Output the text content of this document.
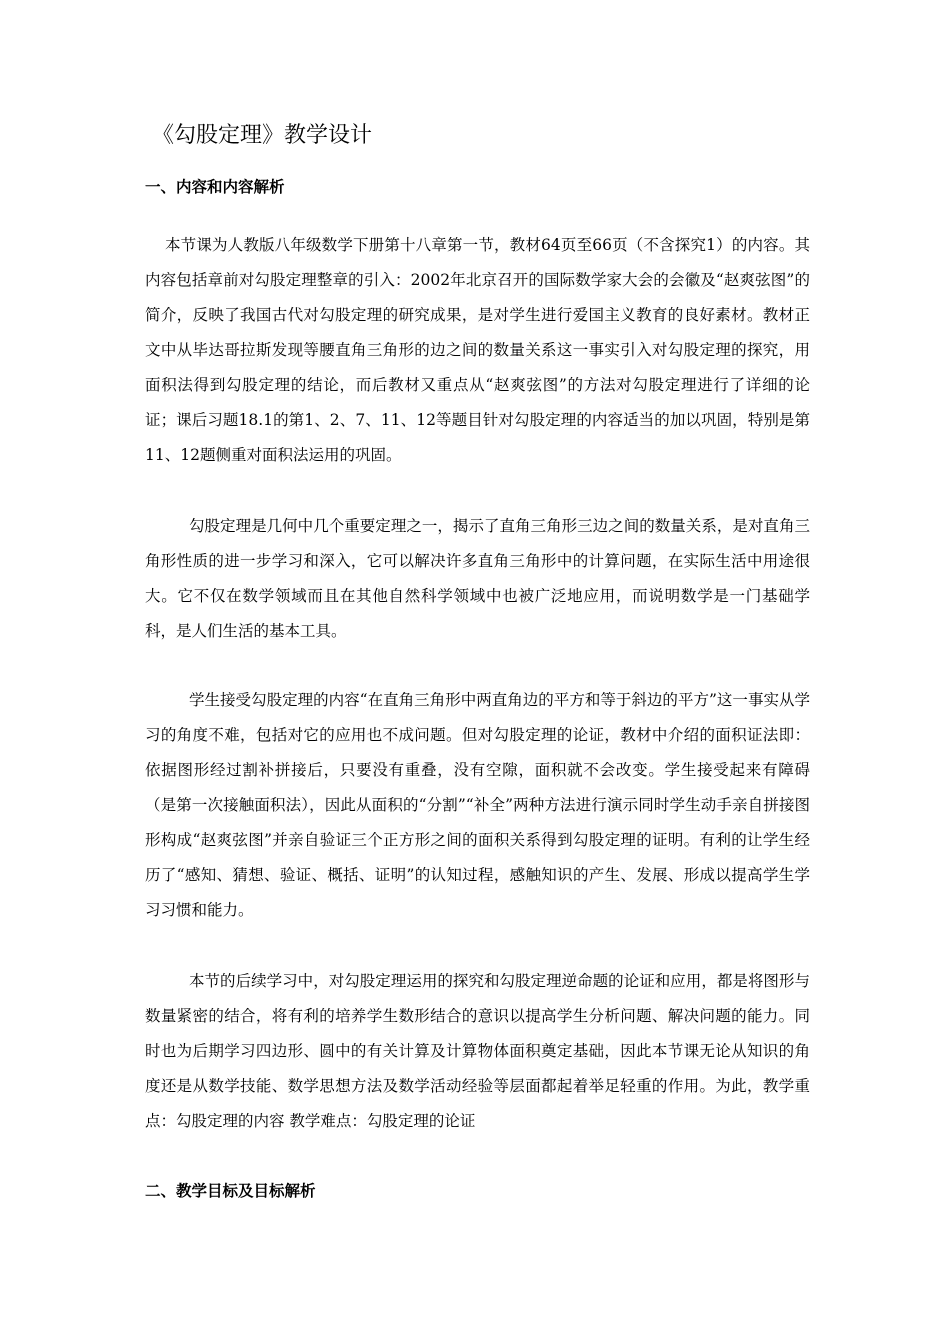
《勾股定理》教学设计
一、内容和内容解析

本节课为人教版八年级数学下册第十八章第一节，教材64页至66页（不含探究1）的内容。其内容包括章前对勾股定理整章的引入：2002年北京召开的国际数学家大会的会徽及“赵爽弦图”的简介，反映了我国古代对勾股定理的研究成果，是对学生进行爱国主义教育的良好素材。教材正文中从毕达哥拉斯发现等腰直角三角形的边之间的数量关系这一事实引入对勾股定理的探究，用面积法得到勾股定理的结论，而后教材又重点从“赵爽弦图”的方法对勾股定理进行了详细的论证；课后习题18.1的第1、2、7、11、12等题目针对勾股定理的内容适当的加以巩固，特别是第11、12题侧重对面积法运用的巩固。

勾股定理是几何中几个重要定理之一，揭示了直角三角形三边之间的数量关系，是对直角三角形性质的进一步学习和深入，它可以解决许多直角三角形中的计算问题，在实际生活中用途很大。它不仅在数学领域而且在其他自然科学领域中也被广泛地应用，而说明数学是一门基础学科，是人们生活的基本工具。

学生接受勾股定理的内容“在直角三角形中两直角边的平方和等于斜边的平方”这一事实从学习的角度不难，包括对它的应用也不成问题。但对勾股定理的论证，教材中介绍的面积证法即：依据图形经过割补拼接后，只要没有重叠，没有空隙，面积就不会改变。学生接受起来有障碍（是第一次接触面积法），因此从面积的“分割”“补全”两种方法进行演示同时学生动手亲自拼接图形构成“赵爽弦图”并亲自验证三个正方形之间的面积关系得到勾股定理的证明。有利的让学生经历了“感知、猜想、验证、概括、证明”的认知过程，感触知识的产生、发展、形成以提高学生学习习惯和能力。

本节的后续学习中，对勾股定理运用的探究和勾股定理逆命题的论证和应用，都是将图形与数量紧密的结合，将有利的培养学生数形结合的意识以提高学生分析问题、解决问题的能力。同时也为后期学习四边形、圆中的有关计算及计算物体面积奠定基础，因此本节课无论从知识的角度还是从数学技能、数学思想方法及数学活动经验等层面都起着举足轻重的作用。为此，教学重点：勾股定理的内容 教学难点：勾股定理的论证

二、教学目标及目标解析
